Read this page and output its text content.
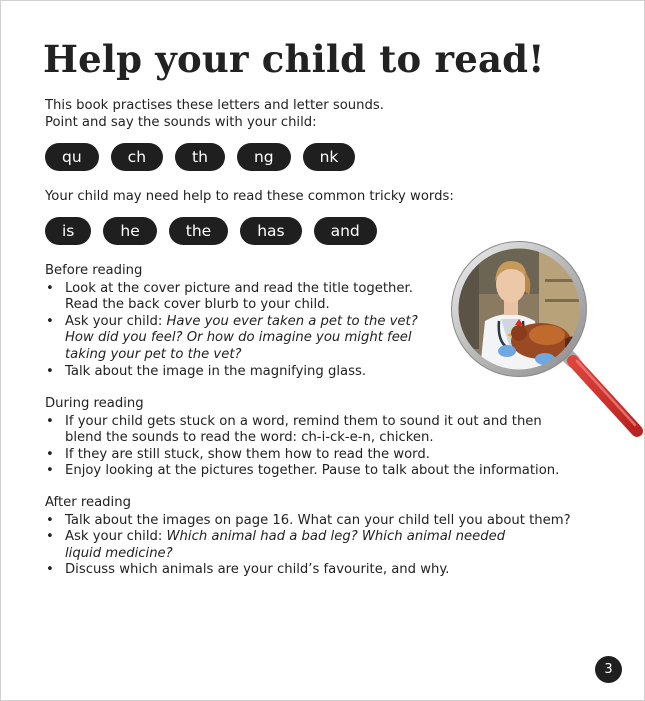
Help your child to read!

This book practises these letters and letter sounds.

Point and say the sounds with your child:

qu	ch	th	ng	nk

Your child may need help to read these common tricky words:

is	he	the	has	and

Before reading

• Look at the cover picture and read the title together.
Read the back cover blurb to your child.
• Ask your child: Have you ever taken a pet to the vet?
How did you feel? Or how do imagine you might feel
taking your pet to the vet?
• Talk about the image in the magnifying glass.

During reading

• If your child gets stuck on a word, remind them to sound it out and then
blend the sounds to read the word: ch-i-ck-e-n, chicken.
• If they are still stuck, show them how to read the word.
• Enjoy looking at the pictures together. Pause to talk about the information.

After reading

• Talk about the images on page 16. What can your child tell you about them?
• Ask your child: Which animal had a bad leg? Which animal needed
liquid medicine?
• Discuss which animals are your child’s favourite, and why.
3
